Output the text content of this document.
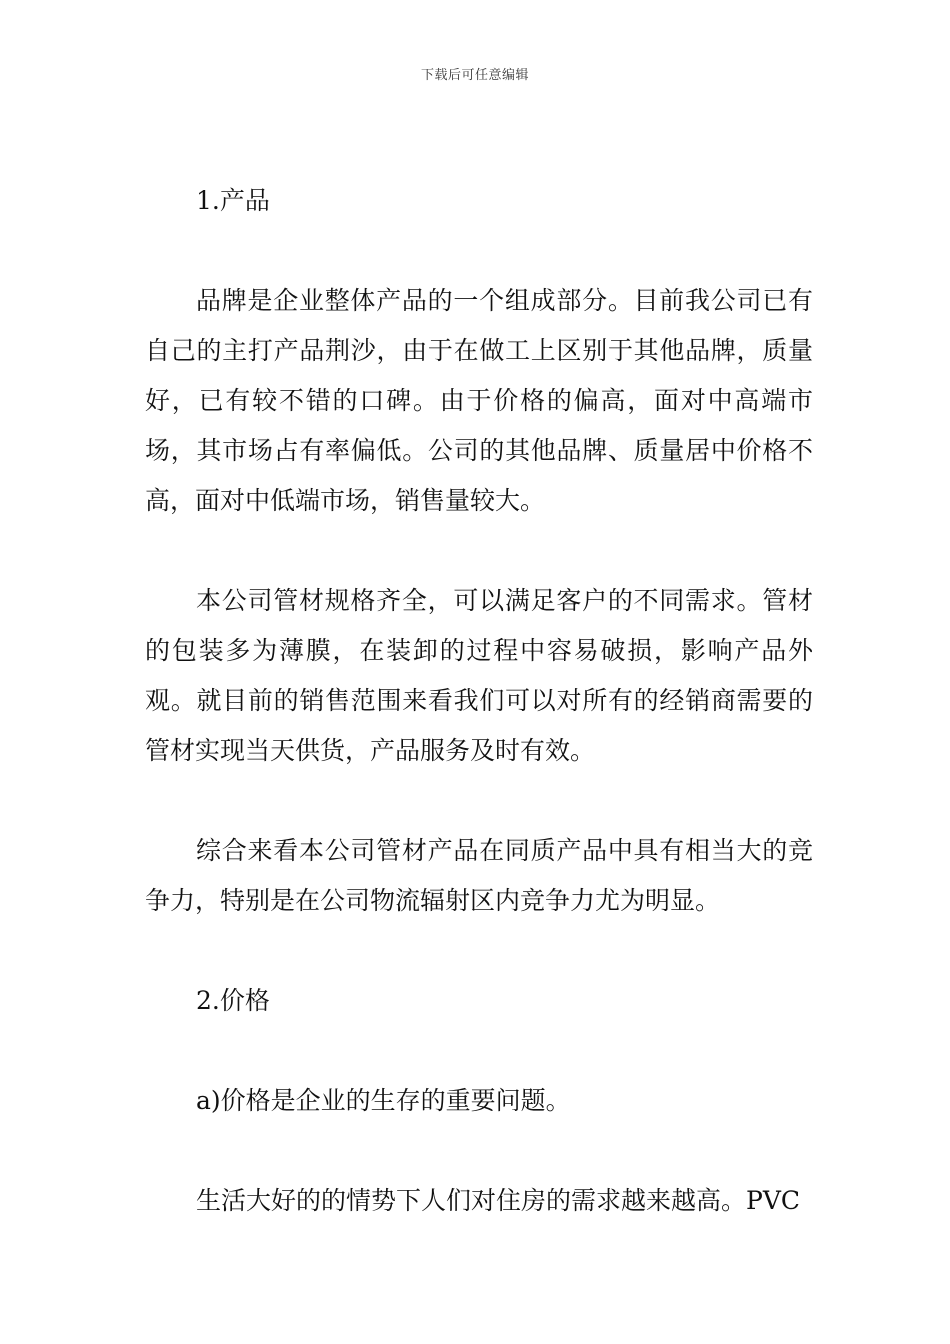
下载后可任意编辑

1.产品

品牌是企业整体产品的一个组成部分。目前我公司已有自己的主打产品荆沙，由于在做工上区别于其他品牌，质量好，已有较不错的口碑。由于价格的偏高，面对中高端市场，其市场占有率偏低。公司的其他品牌、质量居中价格不高，面对中低端市场，销售量较大。

本公司管材规格齐全，可以满足客户的不同需求。管材的包装多为薄膜，在装卸的过程中容易破损，影响产品外观。就目前的销售范围来看我们可以对所有的经销商需要的管材实现当天供货，产品服务及时有效。

综合来看本公司管材产品在同质产品中具有相当大的竞争力，特别是在公司物流辐射区内竞争力尤为明显。

2.价格

a)价格是企业的生存的重要问题。

生活大好的的情势下人们对住房的需求越来越高。PVC
